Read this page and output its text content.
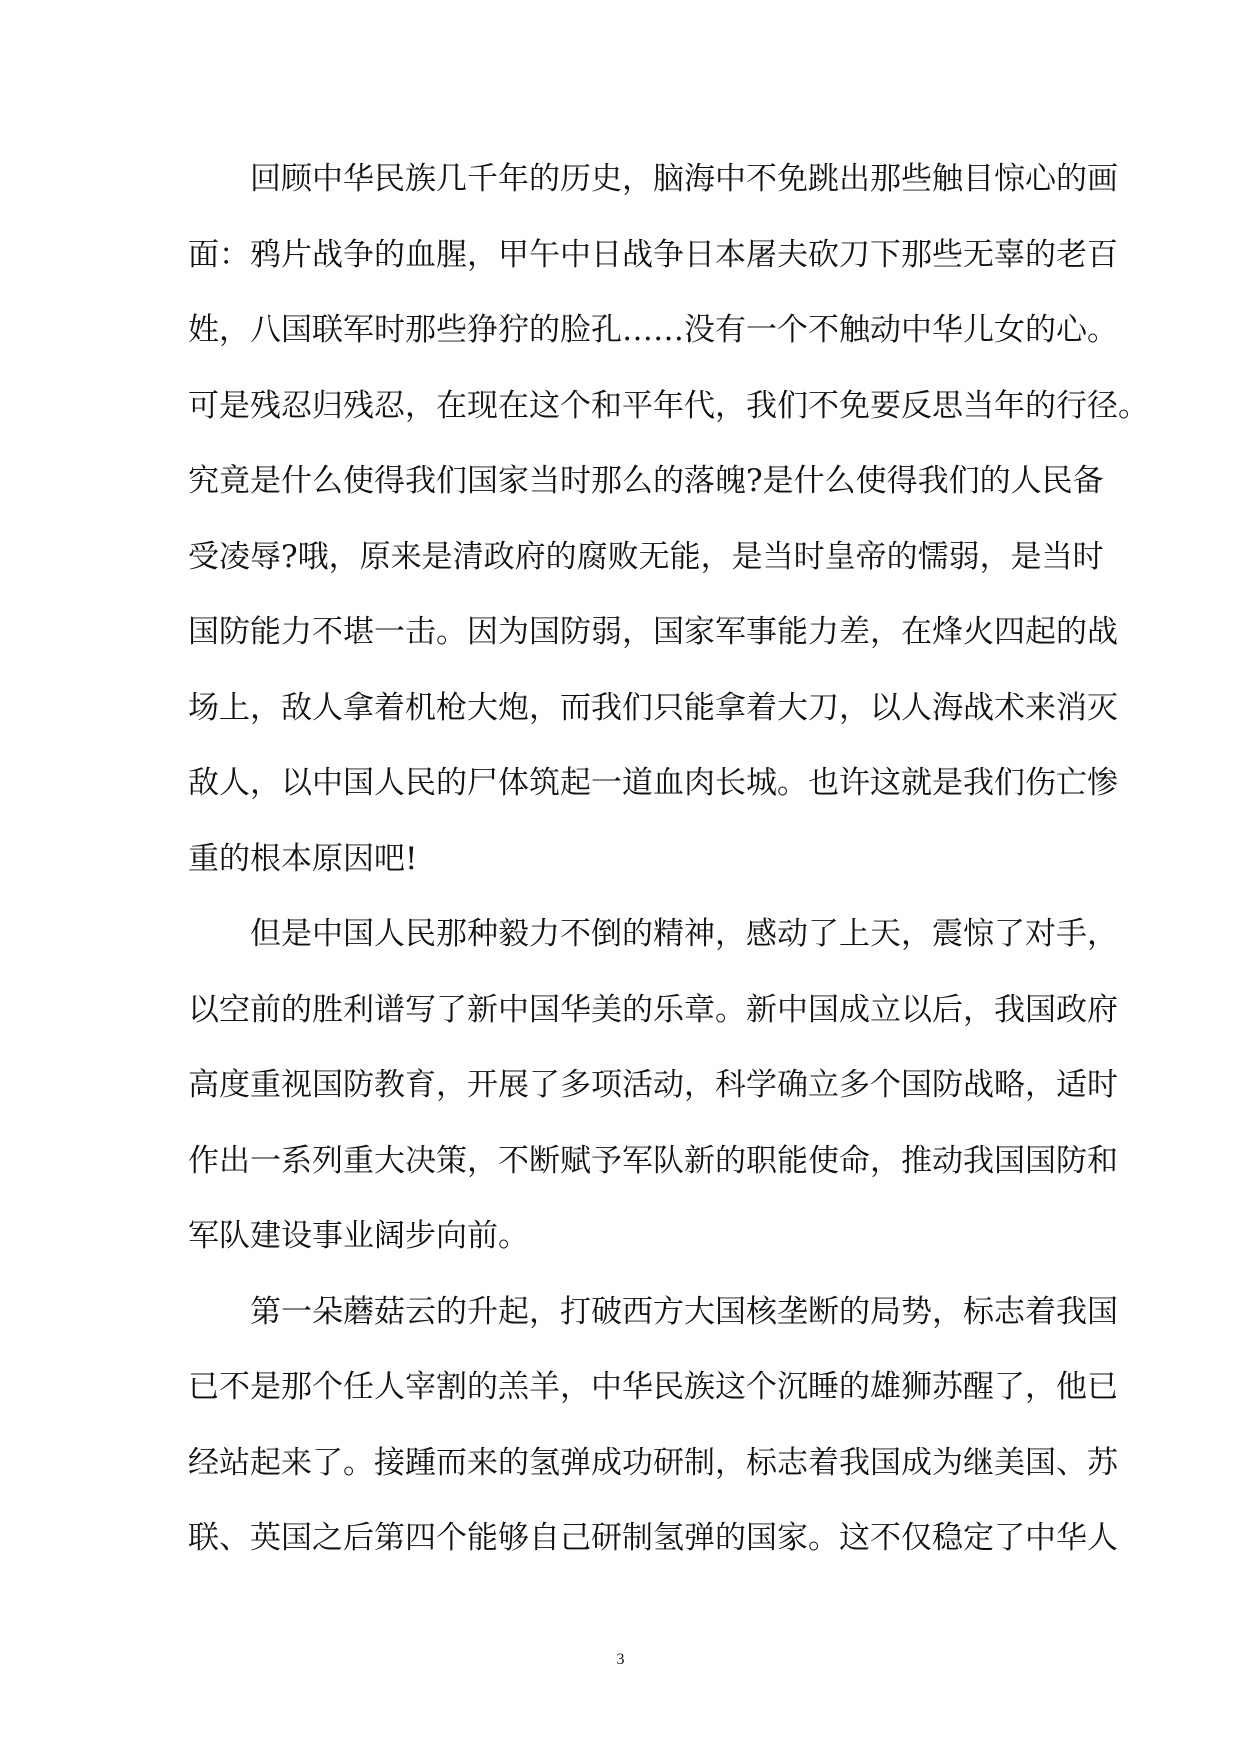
回顾中华民族几千年的历史，脑海中不免跳出那些触目惊心的画
面：鸦片战争的血腥，甲午中日战争日本屠夫砍刀下那些无辜的老百
姓，八国联军时那些狰狞的脸孔……没有一个不触动中华儿女的心。
可是残忍归残忍，在现在这个和平年代，我们不免要反思当年的行径。
究竟是什么使得我们国家当时那么的落魄?是什么使得我们的人民备
受凌辱?哦，原来是清政府的腐败无能，是当时皇帝的懦弱，是当时
国防能力不堪一击。因为国防弱，国家军事能力差，在烽火四起的战
场上，敌人拿着机枪大炮，而我们只能拿着大刀，以人海战术来消灭
敌人，以中国人民的尸体筑起一道血肉长城。也许这就是我们伤亡惨
重的根本原因吧!
但是中国人民那种毅力不倒的精神，感动了上天，震惊了对手，
以空前的胜利谱写了新中国华美的乐章。新中国成立以后，我国政府
高度重视国防教育，开展了多项活动，科学确立多个国防战略，适时
作出一系列重大决策，不断赋予军队新的职能使命，推动我国国防和
军队建设事业阔步向前。
第一朵蘑菇云的升起，打破西方大国核垄断的局势，标志着我国
已不是那个任人宰割的羔羊，中华民族这个沉睡的雄狮苏醒了，他已
经站起来了。接踵而来的氢弹成功研制，标志着我国成为继美国、苏
联、英国之后第四个能够自己研制氢弹的国家。这不仅稳定了中华人
3
